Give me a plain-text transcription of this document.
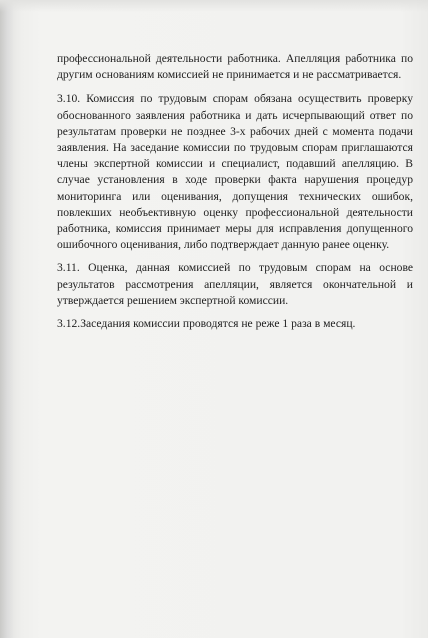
профессиональной деятельности работника. Апелляция работника по другим основаниям комиссией не принимается и не рассматривается.

3.10. Комиссия по трудовым спорам обязана осуществить проверку обоснованного заявления работника и дать исчерпывающий ответ по результатам проверки не позднее 3-х рабочих дней с момента подачи заявления. На заседание комиссии по трудовым спорам приглашаются члены экспертной комиссии и специалист, подавший апелляцию. В случае установления в ходе проверки факта нарушения процедур мониторинга или оценивания, допущения технических ошибок, повлекших необъективную оценку профессиональной деятельности работника, комиссия принимает меры для исправления допущенного ошибочного оценивания, либо подтверждает данную ранее оценку.

3.11. Оценка, данная комиссией по трудовым спорам на основе результатов рассмотрения апелляции, является окончательной и утверждается решением экспертной комиссии.

3.12.Заседания комиссии проводятся не реже 1 раза в месяц.
